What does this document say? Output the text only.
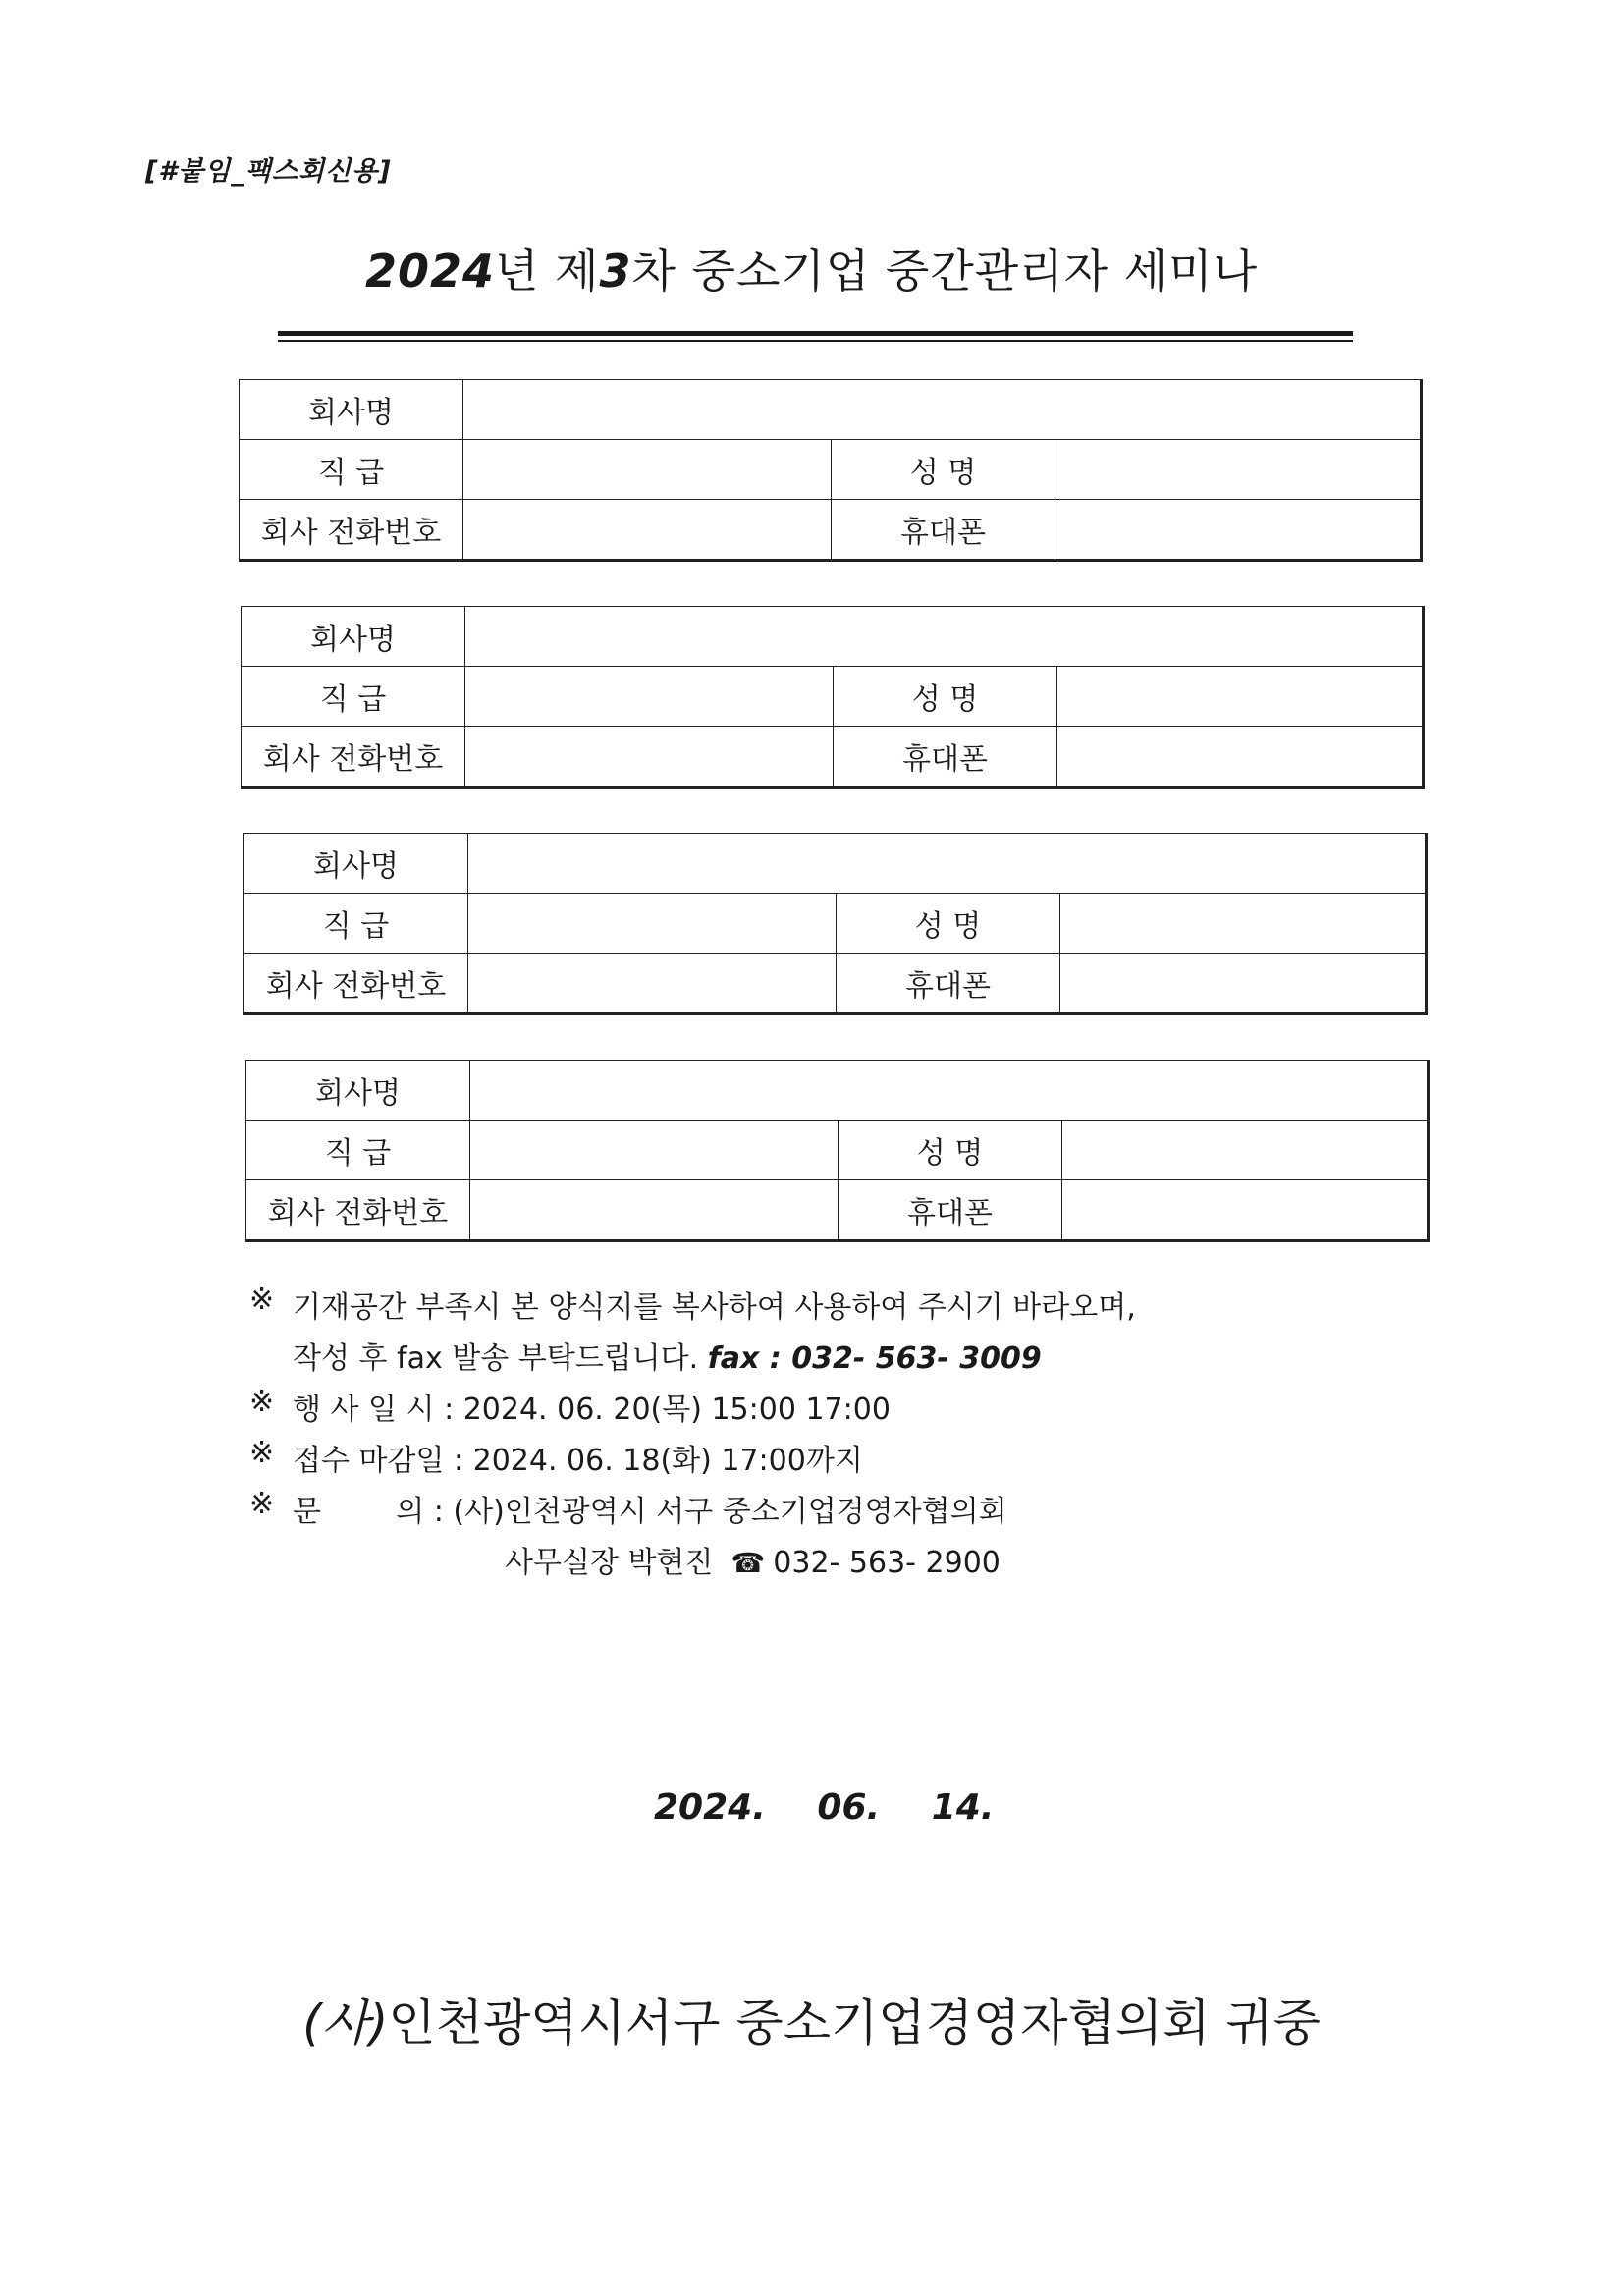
[#붙임_팩스회신용]
2024년 제3차 중소기업 중간관리자 세미나
회사명			
직 급		성 명	
회사 전화번호		휴대폰	
회사명			
직 급		성 명	
회사 전화번호		휴대폰	
회사명			
직 급		성 명	
회사 전화번호		휴대폰	
회사명			
직 급		성 명	
회사 전화번호		휴대폰	
※ 기재공간 부족시 본 양식지를 복사하여 사용하여 주시기 바라오며,
작성 후 fax 발송 부탁드립니다. fax : 032- 563- 3009
※ 행 사 일 시 : 2024. 06. 20(목) 15:00 17:00
※ 접수 마감일 : 2024. 06. 18(화) 17:00까지
※ 문        의 : (사)인천광역시 서구 중소기업경영자협의회
사무실장 박현진 ☎ 032- 563- 2900
2024. 06. 14.
(사)인천광역시서구 중소기업경영자협의회 귀중
